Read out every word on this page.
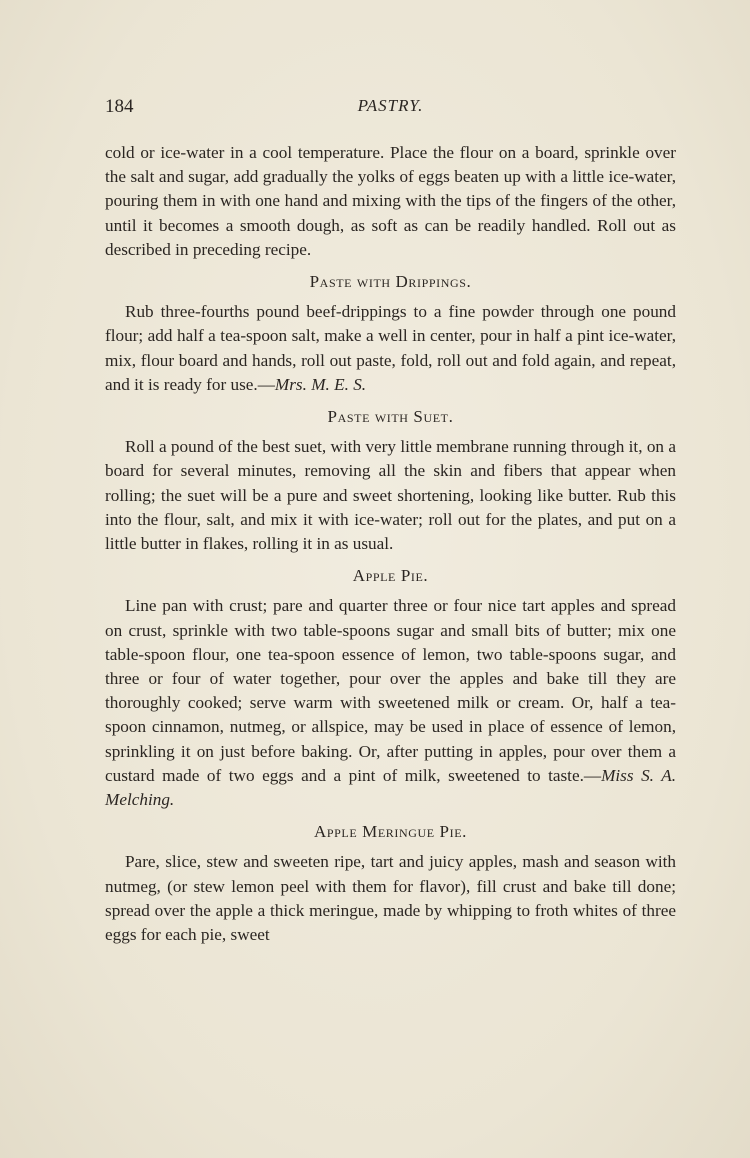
184	PASTRY.

cold or ice-water in a cool temperature. Place the flour on a board, sprinkle over the salt and sugar, add gradually the yolks of eggs beaten up with a little ice-water, pouring them in with one hand and mixing with the tips of the fingers of the other, until it becomes a smooth dough, as soft as can be readily handled. Roll out as described in preceding recipe.

Paste with Drippings.

Rub three-fourths pound beef-drippings to a fine powder through one pound flour; add half a tea-spoon salt, make a well in center, pour in half a pint ice-water, mix, flour board and hands, roll out paste, fold, roll out and fold again, and repeat, and it is ready for use.—Mrs. M. E. S.

Paste with Suet.

Roll a pound of the best suet, with very little membrane running through it, on a board for several minutes, removing all the skin and fibers that appear when rolling; the suet will be a pure and sweet shortening, looking like butter. Rub this into the flour, salt, and mix it with ice-water; roll out for the plates, and put on a little butter in flakes, rolling it in as usual.

Apple Pie.

Line pan with crust; pare and quarter three or four nice tart apples and spread on crust, sprinkle with two table-spoons sugar and small bits of butter; mix one table-spoon flour, one tea-spoon essence of lemon, two table-spoons sugar, and three or four of water together, pour over the apples and bake till they are thoroughly cooked; serve warm with sweetened milk or cream. Or, half a tea-spoon cinnamon, nutmeg, or allspice, may be used in place of essence of lemon, sprinkling it on just before baking. Or, after putting in apples, pour over them a custard made of two eggs and a pint of milk, sweetened to taste.—Miss S. A. Melching.

Apple Meringue Pie.

Pare, slice, stew and sweeten ripe, tart and juicy apples, mash and season with nutmeg, (or stew lemon peel with them for flavor), fill crust and bake till done; spread over the apple a thick meringue, made by whipping to froth whites of three eggs for each pie, sweet
